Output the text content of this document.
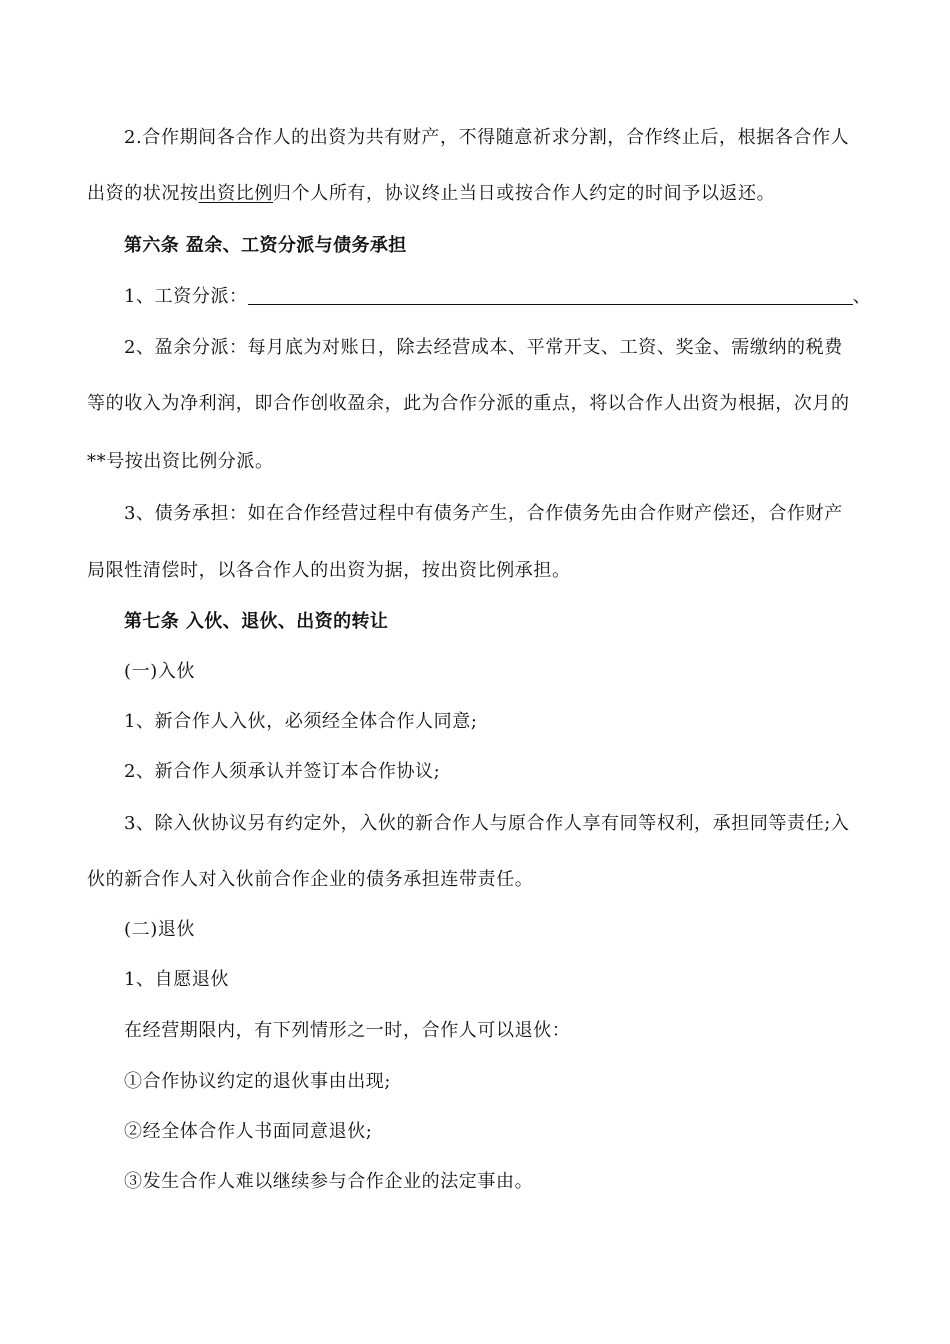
2.合作期间各合作人的出资为共有财产，不得随意祈求分割，合作终止后，根据各合作人
出资的状况按出资比例归个人所有，协议终止当日或按合作人约定的时间予以返还。
第六条 盈余、工资分派与债务承担
1、工资分派：	、
2、盈余分派：每月底为对账日，除去经营成本、平常开支、工资、奖金、需缴纳的税费
等的收入为净利润，即合作创收盈余，此为合作分派的重点，将以合作人出资为根据，次月的
**号按出资比例分派。
3、债务承担：如在合作经营过程中有债务产生，合作债务先由合作财产偿还，合作财产
局限性清偿时，以各合作人的出资为据，按出资比例承担。
第七条 入伙、退伙、出资的转让
(一)入伙
1、新合作人入伙，必须经全体合作人同意;
2、新合作人须承认并签订本合作协议;
3、除入伙协议另有约定外，入伙的新合作人与原合作人享有同等权利，承担同等责任;入
伙的新合作人对入伙前合作企业的债务承担连带责任。
(二)退伙
1、自愿退伙
在经营期限内，有下列情形之一时，合作人可以退伙：
①合作协议约定的退伙事由出现;
②经全体合作人书面同意退伙;
③发生合作人难以继续参与合作企业的法定事由。
